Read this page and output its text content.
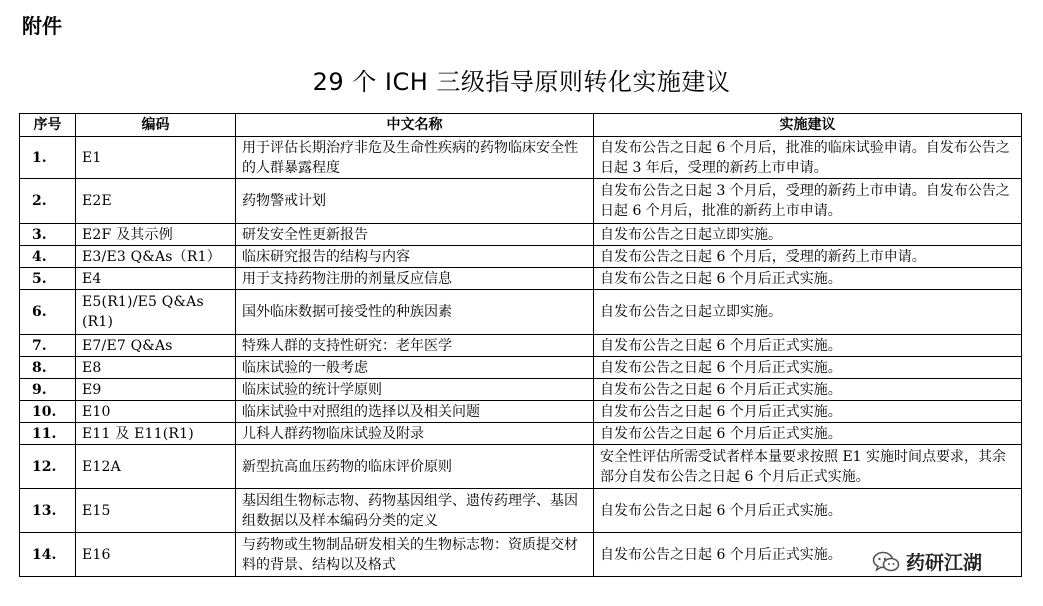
附件
29 个 ICH 三级指导原则转化实施建议
序号	编码	中文名称	实施建议
1.	E1	用于评估长期治疗非危及生命性疾病的药物临床安全性的人群暴露程度	自发布公告之日起 6 个月后，批准的临床试验申请。自发布公告之日起 3 年后，受理的新药上市申请。
2.	E2E	药物警戒计划	自发布公告之日起 3 个月后，受理的新药上市申请。自发布公告之日起 6 个月后，批准的新药上市申请。
3.	E2F 及其示例	研发安全性更新报告	自发布公告之日起立即实施。
4.	E3/E3 Q&As（R1）	临床研究报告的结构与内容	自发布公告之日起 6 个月后，受理的新药上市申请。
5.	E4	用于支持药物注册的剂量反应信息	自发布公告之日起 6 个月后正式实施。
6.	E5(R1)/E5 Q&As (R1)	国外临床数据可接受性的种族因素	自发布公告之日起立即实施。
7.	E7/E7 Q&As	特殊人群的支持性研究：老年医学	自发布公告之日起 6 个月后正式实施。
8.	E8	临床试验的一般考虑	自发布公告之日起 6 个月后正式实施。
9.	E9	临床试验的统计学原则	自发布公告之日起 6 个月后正式实施。
10.	E10	临床试验中对照组的选择以及相关问题	自发布公告之日起 6 个月后正式实施。
11.	E11 及 E11(R1)	儿科人群药物临床试验及附录	自发布公告之日起 6 个月后正式实施。
12.	E12A	新型抗高血压药物的临床评价原则	安全性评估所需受试者样本量要求按照 E1 实施时间点要求，其余部分自发布公告之日起 6 个月后正式实施。
13.	E15	基因组生物标志物、药物基因组学、遗传药理学、基因组数据以及样本编码分类的定义	自发布公告之日起 6 个月后正式实施。
14.	E16	与药物或生物制品研发相关的生物标志物：资质提交材料的背景、结构以及格式	自发布公告之日起 6 个月后正式实施。	药研江湖
